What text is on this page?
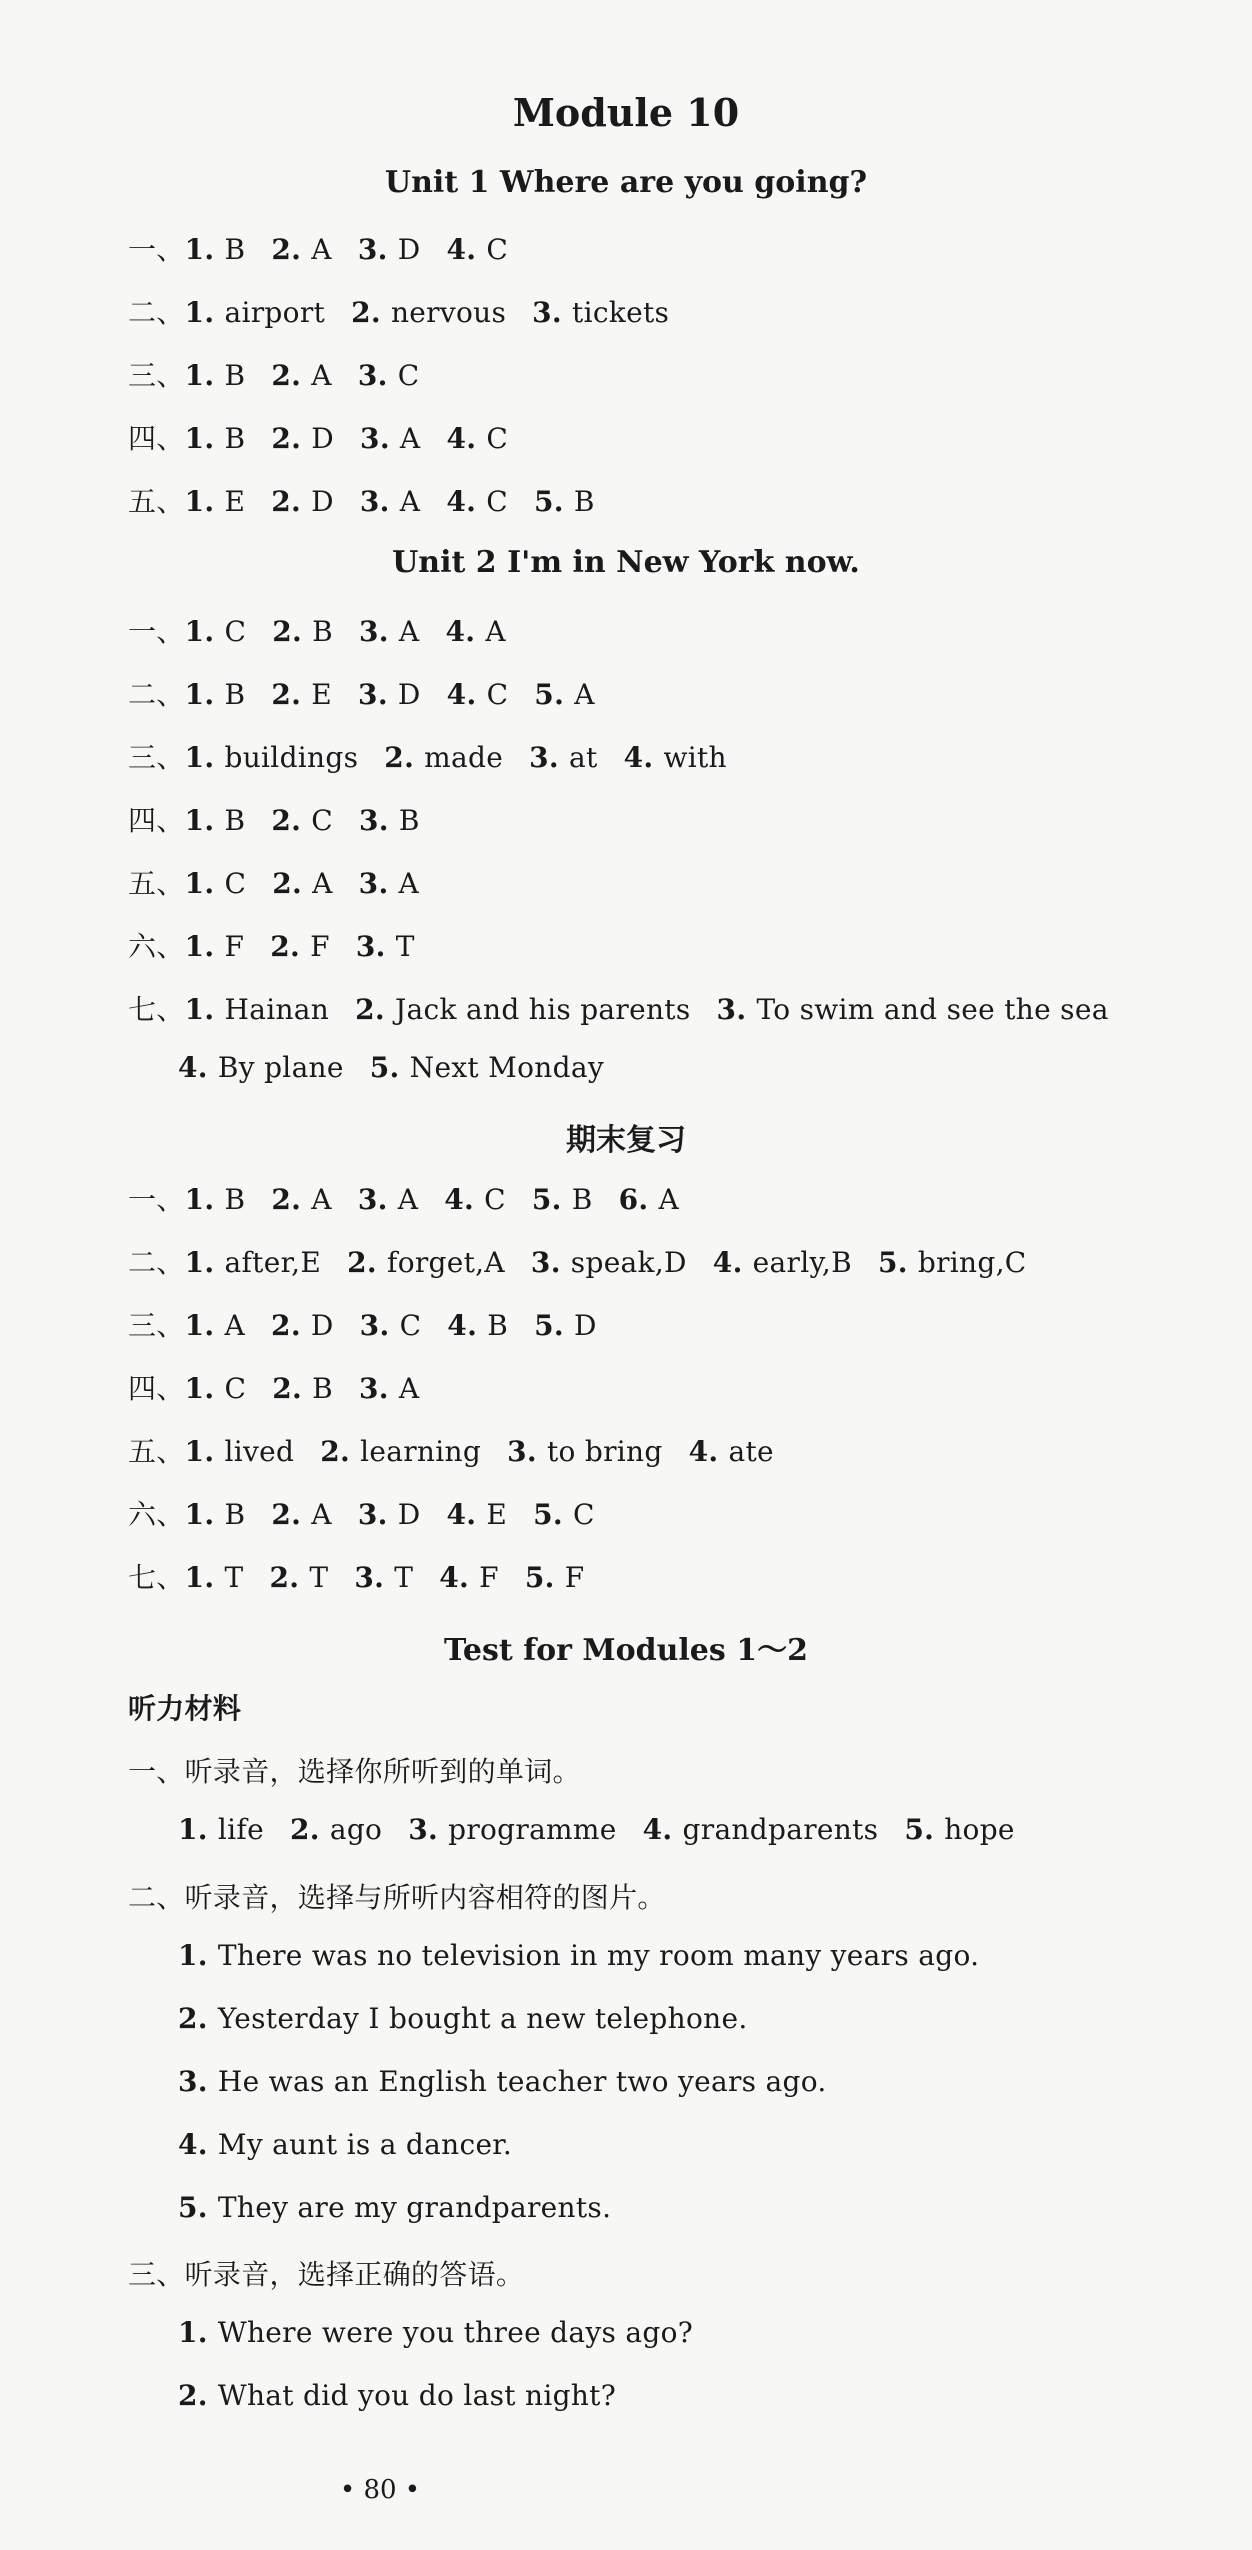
Module 10
Unit 1 Where are you going?
一、1. B 2. A 3. D 4. C
二、1. airport 2. nervous 3. tickets
三、1. B 2. A 3. C
四、1. B 2. D 3. A 4. C
五、1. E 2. D 3. A 4. C 5. B
Unit 2 I'm in New York now.
一、1. C 2. B 3. A 4. A
二、1. B 2. E 3. D 4. C 5. A
三、1. buildings 2. made 3. at 4. with
四、1. B 2. C 3. B
五、1. C 2. A 3. A
六、1. F 2. F 3. T
七、1. Hainan 2. Jack and his parents 3. To swim and see the sea
4. By plane 5. Next Monday
期末复习
一、1. B 2. A 3. A 4. C 5. B 6. A
二、1. after,E 2. forget,A 3. speak,D 4. early,B 5. bring,C
三、1. A 2. D 3. C 4. B 5. D
四、1. C 2. B 3. A
五、1. lived 2. learning 3. to bring 4. ate
六、1. B 2. A 3. D 4. E 5. C
七、1. T 2. T 3. T 4. F 5. F
Test for Modules 1～2
听力材料
一、听录音，选择你所听到的单词。
1. life 2. ago 3. programme 4. grandparents 5. hope
二、听录音，选择与所听内容相符的图片。
1. There was no television in my room many years ago.
2. Yesterday I bought a new telephone.
3. He was an English teacher two years ago.
4. My aunt is a dancer.
5. They are my grandparents.
三、听录音，选择正确的答语。
1. Where were you three days ago?
2. What did you do last night?
• 80 •
